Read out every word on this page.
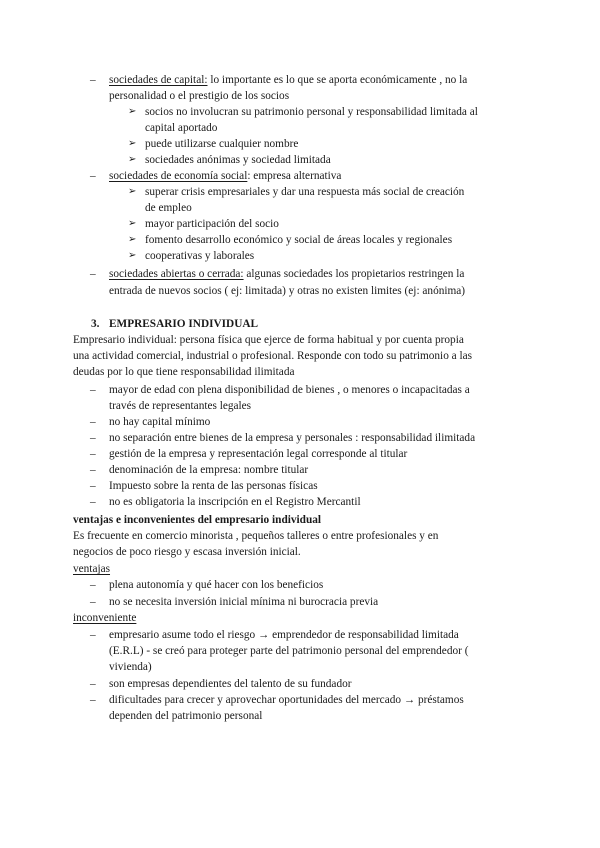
– sociedades de capital: lo importante es lo que se aporta económicamente , no la
personalidad o el prestigio de los socios
➢ socios no involucran su patrimonio personal y responsabilidad limitada al
capital aportado
➢ puede utilizarse cualquier nombre
➢ sociedades anónimas y sociedad limitada
– sociedades de economía social: empresa alternativa
➢ superar crisis empresariales y dar una respuesta más social de creación
de empleo
➢ mayor participación del socio
➢ fomento desarrollo económico y social de áreas locales y regionales
➢ cooperativas y laborales
– sociedades abiertas o cerrada: algunas sociedades los propietarios restringen la
entrada de nuevos socios ( ej: limitada) y otras no existen limites (ej: anónima)
3. EMPRESARIO INDIVIDUAL
Empresario individual: persona física que ejerce de forma habitual y por cuenta propia
una actividad comercial, industrial o profesional. Responde con todo su patrimonio a las
deudas por lo que tiene responsabilidad ilimitada
– mayor de edad con plena disponibilidad de bienes , o menores o incapacitadas a
través de representantes legales
– no hay capital mínimo
– no separación entre bienes de la empresa y personales : responsabilidad ilimitada
– gestión de la empresa y representación legal corresponde al titular
– denominación de la empresa: nombre titular
– Impuesto sobre la renta de las personas físicas
– no es obligatoria la inscripción en el Registro Mercantil
ventajas e inconvenientes del empresario individual
Es frecuente en comercio minorista , pequeños talleres o entre profesionales y en
negocios de poco riesgo y escasa inversión inicial.
ventajas
– plena autonomía y qué hacer con los beneficios
– no se necesita inversión inicial mínima ni burocracia previa
inconveniente
– empresario asume todo el riesgo → emprendedor de responsabilidad limitada
(E.R.L) - se creó para proteger parte del patrimonio personal del emprendedor (
vivienda)
– son empresas dependientes del talento de su fundador
– dificultades para crecer y aprovechar oportunidades del mercado → préstamos
dependen del patrimonio personal
